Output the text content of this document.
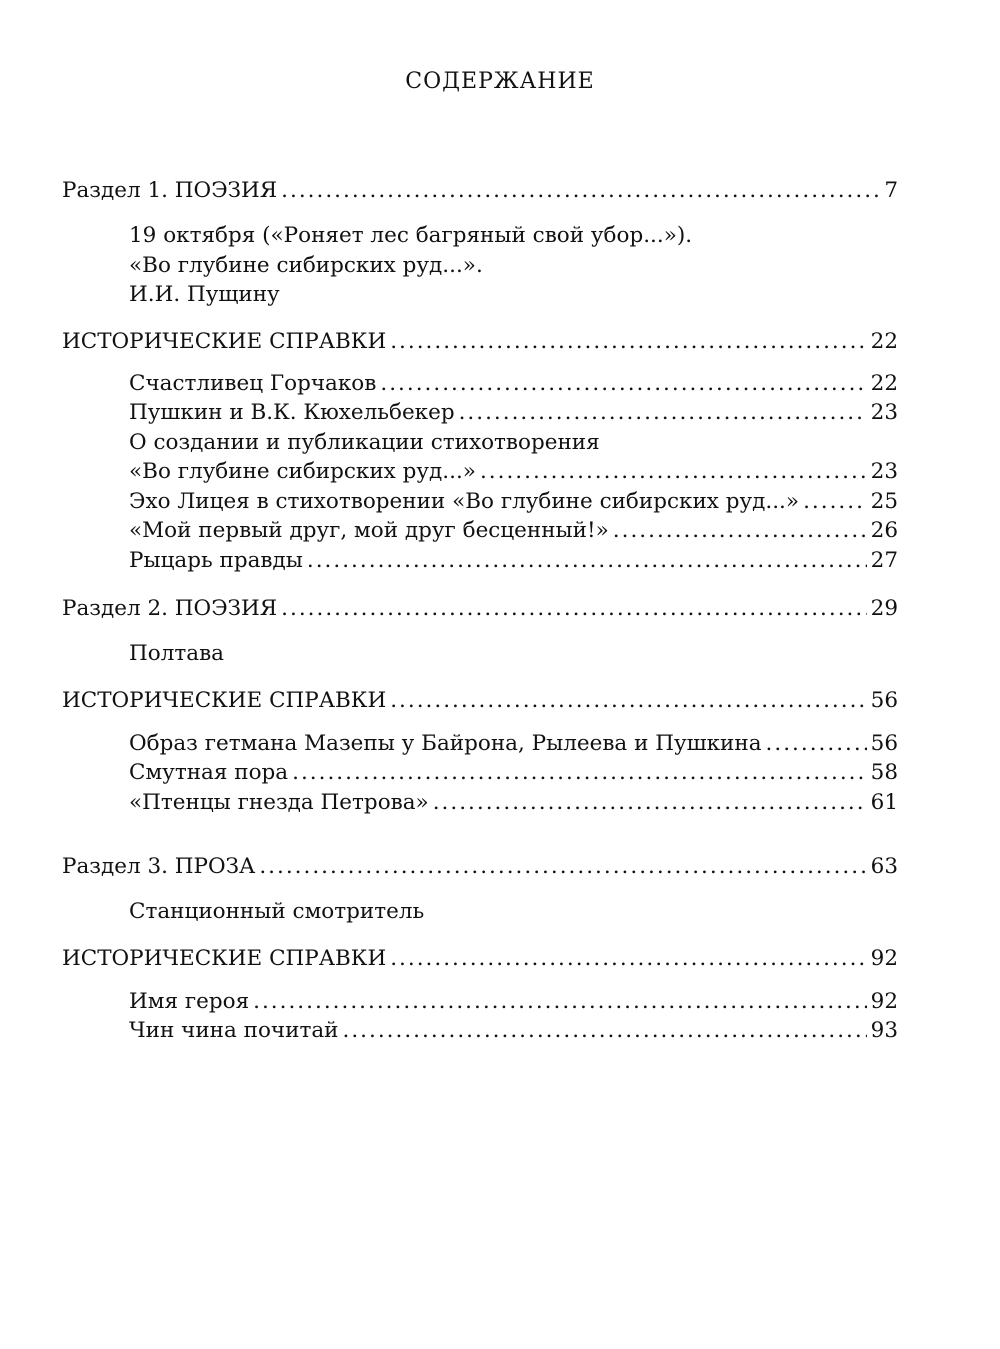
СОДЕРЖАНИЕ
Раздел 1. ПОЭЗИЯ .....	7
19 октября («Роняет лес багряный свой убор...»).
«Во глубине сибирских руд...».
И.И. Пущину
ИСТОРИЧЕСКИЕ СПРАВКИ .....	22
Счастливец Горчаков .....	22
Пушкин и В.К. Кюхельбекер .....	23
О создании и публикации стихотворения
«Во глубине сибирских руд...» .....	23
Эхо Лицея в стихотворении «Во глубине сибирских руд...» .....	25
«Мой первый друг, мой друг бесценный!» .....	26
Рыцарь правды .....	27
Раздел 2. ПОЭЗИЯ .....	29
Полтава
ИСТОРИЧЕСКИЕ СПРАВКИ .....	56
Образ гетмана Мазепы у Байрона, Рылеева и Пушкина .....	56
Смутная пора .....	58
«Птенцы гнезда Петрова» .....	61
Раздел 3. ПРОЗА .....	63
Станционный смотритель
ИСТОРИЧЕСКИЕ СПРАВКИ .....	92
Имя героя .....	92
Чин чина почитай .....	93
